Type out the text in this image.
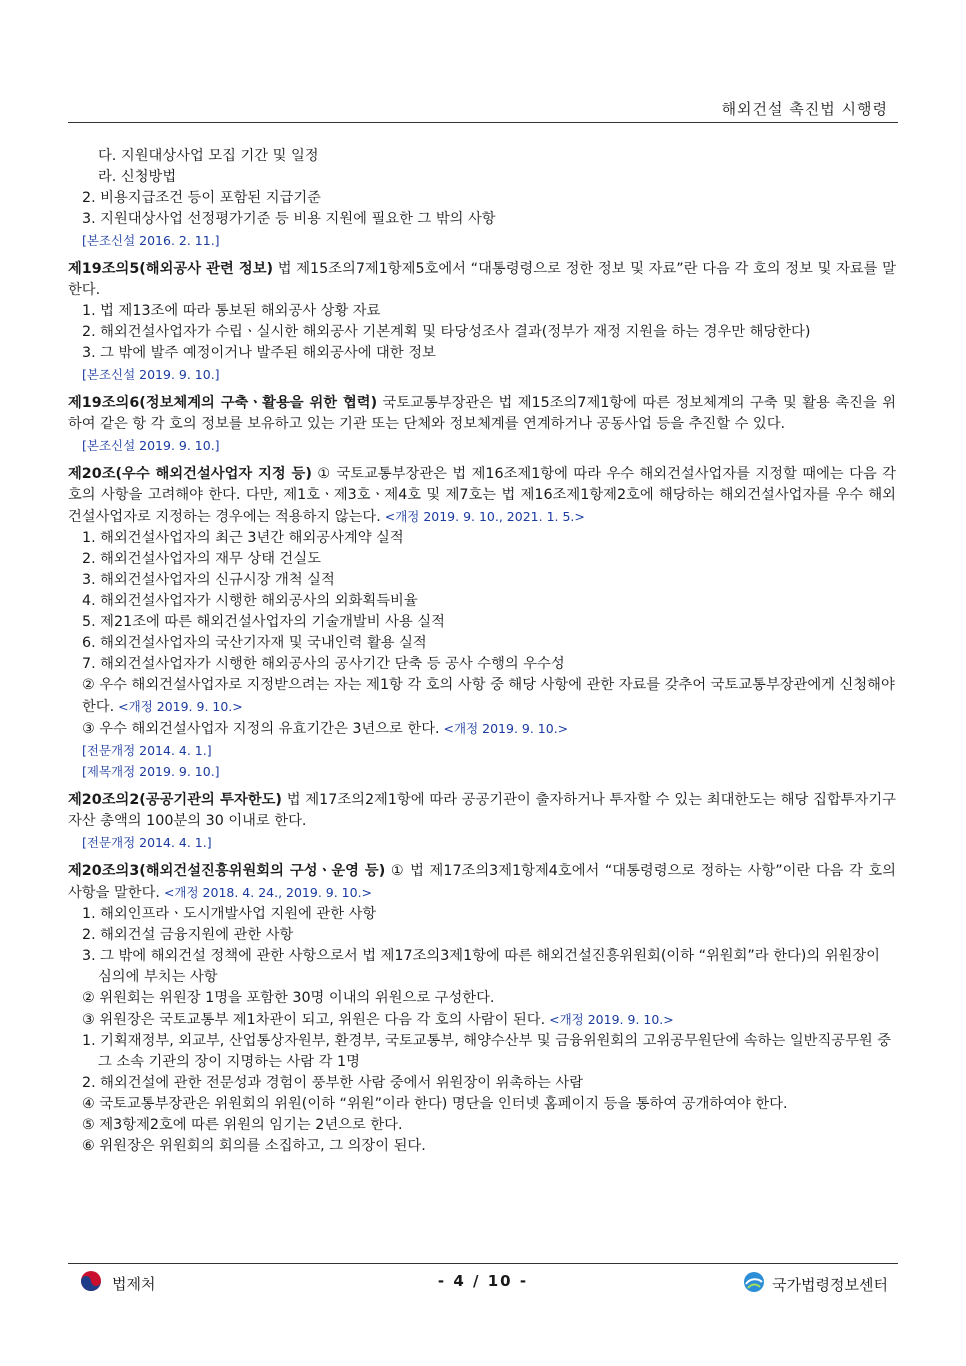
해외건설 촉진법 시행령

다. 지원대상사업 모집 기간 및 일정

라. 신청방법

2. 비용지급조건 등이 포함된 지급기준

3. 지원대상사업 선정평가기준 등 비용 지원에 필요한 그 밖의 사항

[본조신설 2016. 2. 11.]

제19조의5(해외공사 관련 정보) 법 제15조의7제1항제5호에서 “대통령령으로 정한 정보 및 자료”란 다음 각 호의 정보 및 자료를 말한다.

1. 법 제13조에 따라 통보된 해외공사 상황 자료

2. 해외건설사업자가 수립ㆍ실시한 해외공사 기본계획 및 타당성조사 결과(정부가 재정 지원을 하는 경우만 해당한다)

3. 그 밖에 발주 예정이거나 발주된 해외공사에 대한 정보

[본조신설 2019. 9. 10.]

제19조의6(정보체계의 구축ㆍ활용을 위한 협력) 국토교통부장관은 법 제15조의7제1항에 따른 정보체계의 구축 및 활용 촉진을 위하여 같은 항 각 호의 정보를 보유하고 있는 기관 또는 단체와 정보체계를 연계하거나 공동사업 등을 추진할 수 있다.

[본조신설 2019. 9. 10.]

제20조(우수 해외건설사업자 지정 등) ① 국토교통부장관은 법 제16조제1항에 따라 우수 해외건설사업자를 지정할 때에는 다음 각 호의 사항을 고려해야 한다. 다만, 제1호ㆍ제3호ㆍ제4호 및 제7호는 법 제16조제1항제2호에 해당하는 해외건설사업자를 우수 해외건설사업자로 지정하는 경우에는 적용하지 않는다. <개정 2019. 9. 10., 2021. 1. 5.>

1. 해외건설사업자의 최근 3년간 해외공사계약 실적

2. 해외건설사업자의 재무 상태 건실도

3. 해외건설사업자의 신규시장 개척 실적

4. 해외건설사업자가 시행한 해외공사의 외화획득비율

5. 제21조에 따른 해외건설사업자의 기술개발비 사용 실적

6. 해외건설사업자의 국산기자재 및 국내인력 활용 실적

7. 해외건설사업자가 시행한 해외공사의 공사기간 단축 등 공사 수행의 우수성

② 우수 해외건설사업자로 지정받으려는 자는 제1항 각 호의 사항 중 해당 사항에 관한 자료를 갖추어 국토교통부장관에게 신청해야 한다. <개정 2019. 9. 10.>

③ 우수 해외건설사업자 지정의 유효기간은 3년으로 한다. <개정 2019. 9. 10.>

[전문개정 2014. 4. 1.]

[제목개정 2019. 9. 10.]

제20조의2(공공기관의 투자한도) 법 제17조의2제1항에 따라 공공기관이 출자하거나 투자할 수 있는 최대한도는 해당 집합투자기구 자산 총액의 100분의 30 이내로 한다.

[전문개정 2014. 4. 1.]

제20조의3(해외건설진흥위원회의 구성ㆍ운영 등) ① 법 제17조의3제1항제4호에서 “대통령령으로 정하는 사항”이란 다음 각 호의 사항을 말한다. <개정 2018. 4. 24., 2019. 9. 10.>

1. 해외인프라ㆍ도시개발사업 지원에 관한 사항

2. 해외건설 금융지원에 관한 사항

3. 그 밖에 해외건설 정책에 관한 사항으로서 법 제17조의3제1항에 따른 해외건설진흥위원회(이하 “위원회”라 한다)의 위원장이 심의에 부치는 사항

② 위원회는 위원장 1명을 포함한 30명 이내의 위원으로 구성한다.

③ 위원장은 국토교통부 제1차관이 되고, 위원은 다음 각 호의 사람이 된다. <개정 2019. 9. 10.>

1. 기획재정부, 외교부, 산업통상자원부, 환경부, 국토교통부, 해양수산부 및 금융위원회의 고위공무원단에 속하는 일반직공무원 중 그 소속 기관의 장이 지명하는 사람 각 1명

2. 해외건설에 관한 전문성과 경험이 풍부한 사람 중에서 위원장이 위촉하는 사람

④ 국토교통부장관은 위원회의 위원(이하 “위원”이라 한다) 명단을 인터넷 홈페이지 등을 통하여 공개하여야 한다.

⑤ 제3항제2호에 따른 위원의 임기는 2년으로 한다.

⑥ 위원장은 위원회의 회의를 소집하고, 그 의장이 된다.

법제처	- 4 / 10 -	국가법령정보센터
